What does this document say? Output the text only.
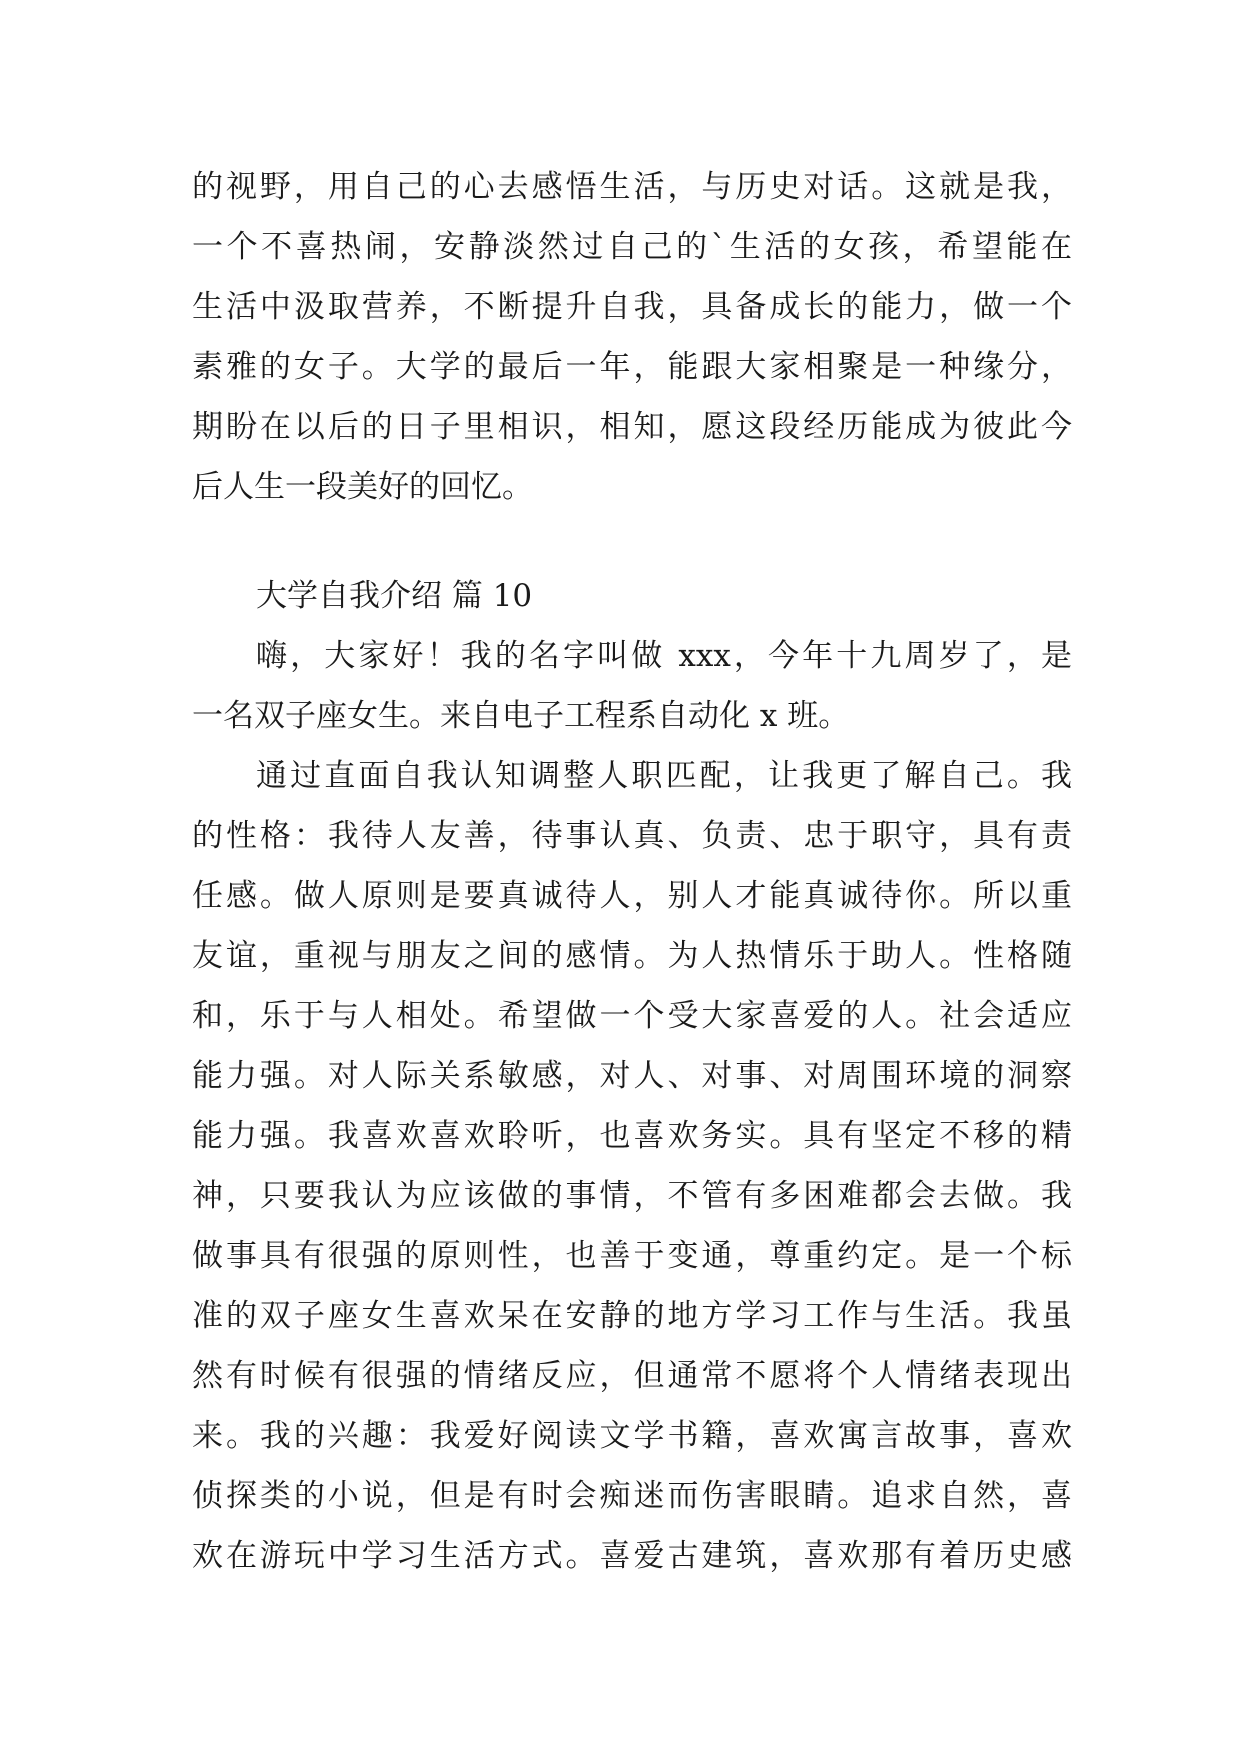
的视野，用自己的心去感悟生活，与历史对话。这就是我，
一个不喜热闹，安静淡然过自己的`生活的女孩，希望能在
生活中汲取营养，不断提升自我，具备成长的能力，做一个
素雅的女子。大学的最后一年，能跟大家相聚是一种缘分，
期盼在以后的日子里相识，相知，愿这段经历能成为彼此今
后人生一段美好的回忆。
大学自我介绍 篇 10
嗨，大家好！我的名字叫做 xxx，今年十九周岁了，是
一名双子座女生。来自电子工程系自动化 x 班。
通过直面自我认知调整人职匹配，让我更了解自己。我
的性格：我待人友善，待事认真、负责、忠于职守，具有责
任感。做人原则是要真诚待人，别人才能真诚待你。所以重
友谊，重视与朋友之间的感情。为人热情乐于助人。性格随
和，乐于与人相处。希望做一个受大家喜爱的人。社会适应
能力强。对人际关系敏感，对人、对事、对周围环境的洞察
能力强。我喜欢喜欢聆听，也喜欢务实。具有坚定不移的精
神，只要我认为应该做的事情，不管有多困难都会去做。我
做事具有很强的原则性，也善于变通，尊重约定。是一个标
准的双子座女生喜欢呆在安静的地方学习工作与生活。我虽
然有时候有很强的情绪反应，但通常不愿将个人情绪表现出
来。我的兴趣：我爱好阅读文学书籍，喜欢寓言故事，喜欢
侦探类的小说，但是有时会痴迷而伤害眼睛。追求自然，喜
欢在游玩中学习生活方式。喜爱古建筑，喜欢那有着历史感
